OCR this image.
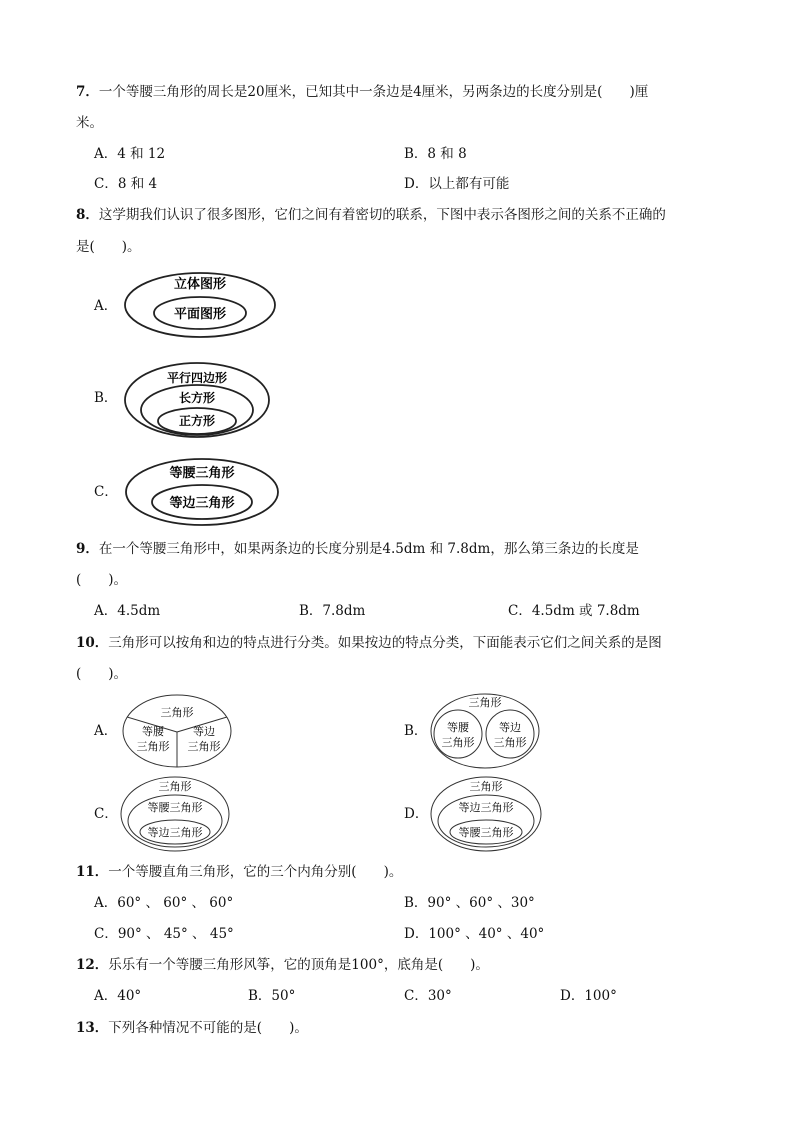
7．一个等腰三角形的周长是20厘米，已知其中一条边是4厘米，另两条边的长度分别是(　　)厘
米。
A．4 和 12	B．8 和 8
C．8 和 4	D．以上都有可能
8．这学期我们认识了很多图形，它们之间有着密切的联系，下图中表示各图形之间的关系不正确的
是(　　)。
A．
立体图形
平面图形
B．
平行四边形
长方形
正方形
C．
等腰三角形
等边三角形
9．在一个等腰三角形中，如果两条边的长度分别是4.5dm 和 7.8dm，那么第三条边的长度是
(　　)。
A．4.5dm	B．7.8dm	C．4.5dm 或 7.8dm
10．三角形可以按角和边的特点进行分类。如果按边的特点分类，下面能表示它们之间关系的是图
(　　)。
A．
三角形
等腰
三角形
等边
三角形
B．
三角形
等腰
三角形
等边
三角形
C．
三角形
等腰三角形
等边三角形
D．
三角形
等边三角形
等腰三角形
11．一个等腰直角三角形，它的三个内角分别(　　)。
A．60° 、 60° 、 60°	B．90° 、60° 、30°
C．90° 、 45° 、 45°	D．100° 、40° 、40°
12．乐乐有一个等腰三角形风筝，它的顶角是100°，底角是(　　)。
A．40°	B．50°	C．30°	D．100°
13．下列各种情况不可能的是(　　)。
